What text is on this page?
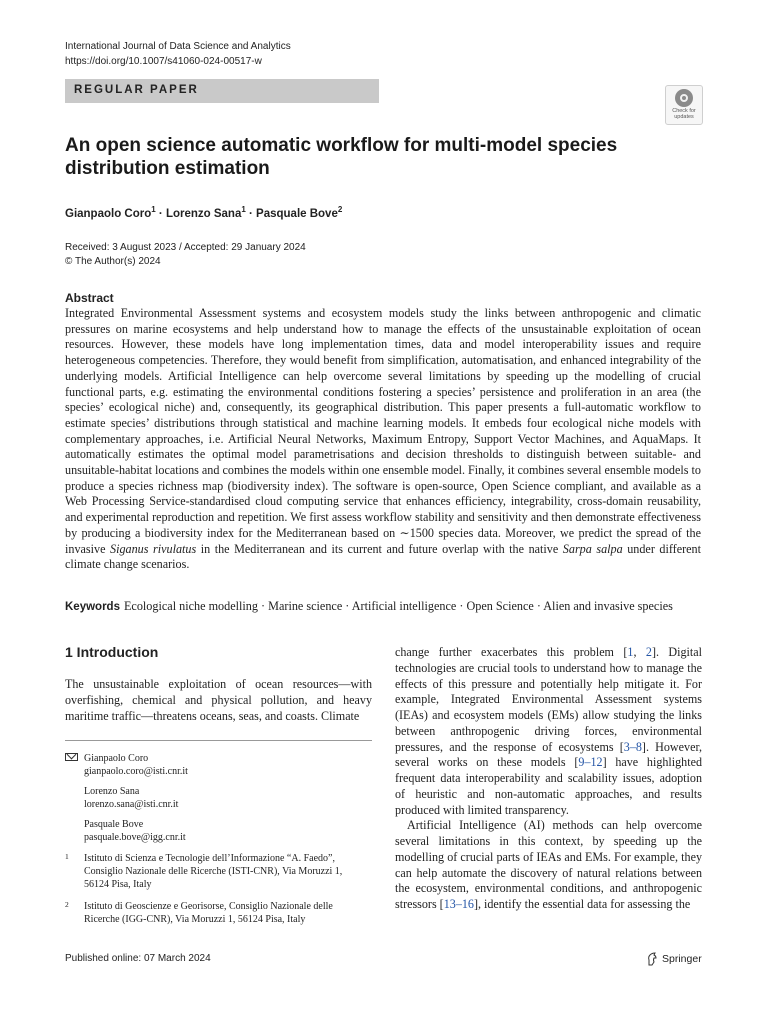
International Journal of Data Science and Analytics
https://doi.org/10.1007/s41060-024-00517-w
REGULAR PAPER
Check for
updates
An open science automatic workflow for multi-model species distribution estimation
Gianpaolo Coro$^1$ · Lorenzo Sana$^1$ · Pasquale Bove$^2$
Received: 3 August 2023 / Accepted: 29 January 2024
© The Author(s) 2024
Abstract
Integrated Environmental Assessment systems and ecosystem models study the links between anthropogenic and climatic pressures on marine ecosystems and help understand how to manage the effects of the unsustainable exploitation of ocean resources. However, these models have long implementation times, data and model interoperability issues and require heterogeneous competencies. Therefore, they would benefit from simplification, automatisation, and enhanced integrability of the underlying models. Artificial Intelligence can help overcome several limitations by speeding up the modelling of crucial functional parts, e.g. estimating the environmental conditions fostering a species’ persistence and proliferation in an area (the species’ ecological niche) and, consequently, its geographical distribution. This paper presents a full-automatic workflow to estimate species’ distributions through statistical and machine learning models. It embeds four ecological niche models with complementary approaches, i.e. Artificial Neural Networks, Maximum Entropy, Support Vector Machines, and AquaMaps. It automatically estimates the optimal model parametrisations and decision thresholds to distinguish between suitable- and unsuitable-habitat locations and combines the models within one ensemble model. Finally, it combines several ensemble models to produce a species richness map (biodiversity index). The software is open-source, Open Science compliant, and available as a Web Processing Service-standardised cloud computing service that enhances efficiency, integrability, cross-domain reusability, and experimental reproduction and repetition. We first assess workflow stability and sensitivity and then demonstrate effectiveness by producing a biodiversity index for the Mediterranean based on ∼1500 species data. Moreover, we predict the spread of the invasive Siganus rivulatus in the Mediterranean and its current and future overlap with the native Sarpa salpa under different climate change scenarios.
Keywords Ecological niche modelling · Marine science · Artificial intelligence · Open Science · Alien and invasive species
1 Introduction
The unsustainable exploitation of ocean resources—with overfishing, chemical and physical pollution, and heavy maritime traffic—threatens oceans, seas, and coasts. Climate
Gianpaolo Coro
gianpaolo.coro@isti.cnr.it
Lorenzo Sana
lorenzo.sana@isti.cnr.it
Pasquale Bove
pasquale.bove@igg.cnr.it
1 Istituto di Scienza e Tecnologie dell’Informazione “A. Faedo”, Consiglio Nazionale delle Ricerche (ISTI-CNR), Via Moruzzi 1, 56124 Pisa, Italy
2 Istituto di Geoscienze e Georisorse, Consiglio Nazionale delle Ricerche (IGG-CNR), Via Moruzzi 1, 56124 Pisa, Italy

change further exacerbates this problem [1, 2]. Digital technologies are crucial tools to understand how to manage the effects of this pressure and potentially help mitigate it. For example, Integrated Environmental Assessment systems (IEAs) and ecosystem models (EMs) allow studying the links between anthropogenic driving forces, environmental pressures, and the response of ecosystems [3–8]. However, several works on these models [9–12] have highlighted frequent data interoperability and scalability issues, adoption of heuristic and non-automatic approaches, and results produced with limited transparency.

Artificial Intelligence (AI) methods can help overcome several limitations in this context, by speeding up the modelling of crucial parts of IEAs and EMs. For example, they can help automate the discovery of natural relations between the ecosystem, environmental conditions, and anthropogenic stressors [13–16], identify the essential data for assessing the

Published online: 07 March 2024	Springer
